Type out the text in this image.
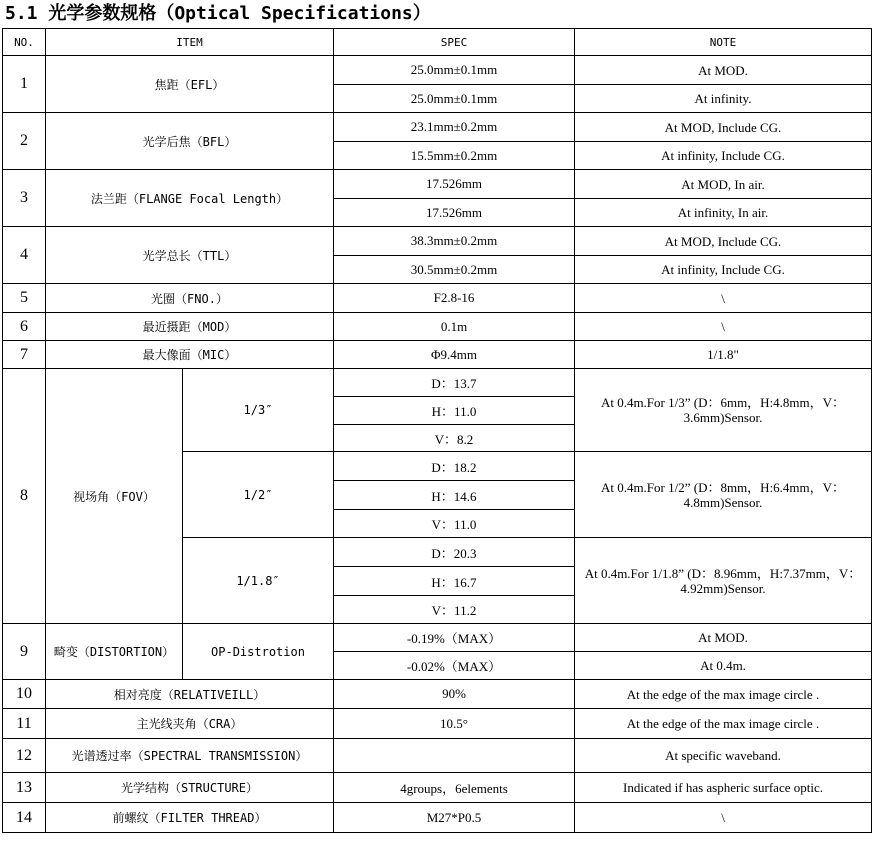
5.1 光学参数规格（Optical Specifications）
NO.	ITEM		SPEC	NOTE
1	焦距（EFL）		25.0mm±0.1mm	At MOD.
			25.0mm±0.1mm	At infinity.
2	光学后焦（BFL）		23.1mm±0.2mm	At MOD, Include CG.
			15.5mm±0.2mm	At infinity, Include CG.
3	法兰距（FLANGE Focal Length）		17.526mm	At MOD, In air.
			17.526mm	At infinity, In air.
4	光学总长（TTL）		38.3mm±0.2mm	At MOD, Include CG.
			30.5mm±0.2mm	At infinity, Include CG.
5	光圈（FNO.）		F2.8-16	\
6	最近摄距（MOD）		0.1m	\
7	最大像面（MIC）		Φ9.4mm	1/1.8"
8	视场角（FOV）	1/3″	D：13.7	At 0.4m.For 1/3” (D：6mm，H:4.8mm，V：3.6mm)Sensor.
			H：11.0	
			V：8.2	
		1/2″	D：18.2	At 0.4m.For 1/2” (D：8mm，H:6.4mm，V：4.8mm)Sensor.
			H：14.6	
			V：11.0	
		1/1.8″	D：20.3	At 0.4m.For 1/1.8” (D：8.96mm，H:7.37mm，V：4.92mm)Sensor.
			H：16.7	
			V：11.2	
9	畸变（DISTORTION）	OP-Distrotion	-0.19%（MAX）	At MOD.
			-0.02%（MAX）	At 0.4m.
10	相对亮度（RELATIVEILL）		90%	At the edge of the max image circle .
11	主光线夹角（CRA）		10.5°	At the edge of the max image circle .
12	光谱透过率（SPECTRAL TRANSMISSION）			At specific waveband.
13	光学结构（STRUCTURE）		4groups，6elements	Indicated if has aspheric surface optic.
14	前螺纹（FILTER THREAD）		M27*P0.5	\
